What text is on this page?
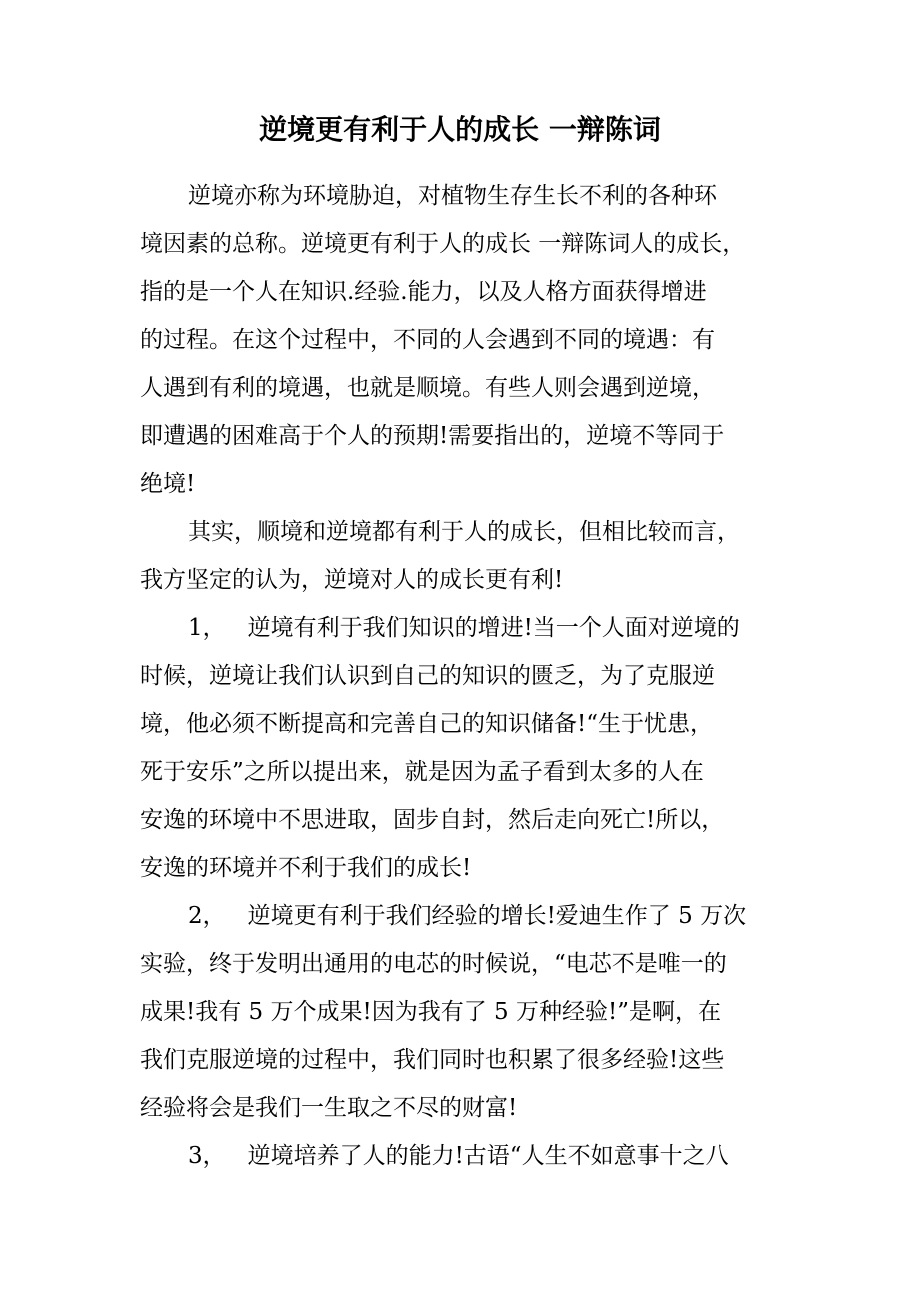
逆境更有利于人的成长 一辩陈词
逆境亦称为环境胁迫，对植物生存生长不利的各种环
境因素的总称。逆境更有利于人的成长 一辩陈词人的成长，
指的是一个人在知识.经验.能力，以及人格方面获得增进
的过程。在这个过程中，不同的人会遇到不同的境遇：有
人遇到有利的境遇，也就是顺境。有些人则会遇到逆境，
即遭遇的困难高于个人的预期!需要指出的，逆境不等同于
绝境!
其实，顺境和逆境都有利于人的成长，但相比较而言，
我方坚定的认为，逆境对人的成长更有利!
1，   逆境有利于我们知识的增进!当一个人面对逆境的
时候，逆境让我们认识到自己的知识的匮乏，为了克服逆
境，他必须不断提高和完善自己的知识储备!“生于忧患，
死于安乐”之所以提出来，就是因为孟子看到太多的人在
安逸的环境中不思进取，固步自封，然后走向死亡!所以，
安逸的环境并不利于我们的成长!
2，   逆境更有利于我们经验的增长!爱迪生作了 5 万次
实验，终于发明出通用的电芯的时候说，“电芯不是唯一的
成果!我有 5 万个成果!因为我有了 5 万种经验!”是啊，在
我们克服逆境的过程中，我们同时也积累了很多经验!这些
经验将会是我们一生取之不尽的财富!
3，   逆境培养了人的能力!古语“人生不如意事十之八
